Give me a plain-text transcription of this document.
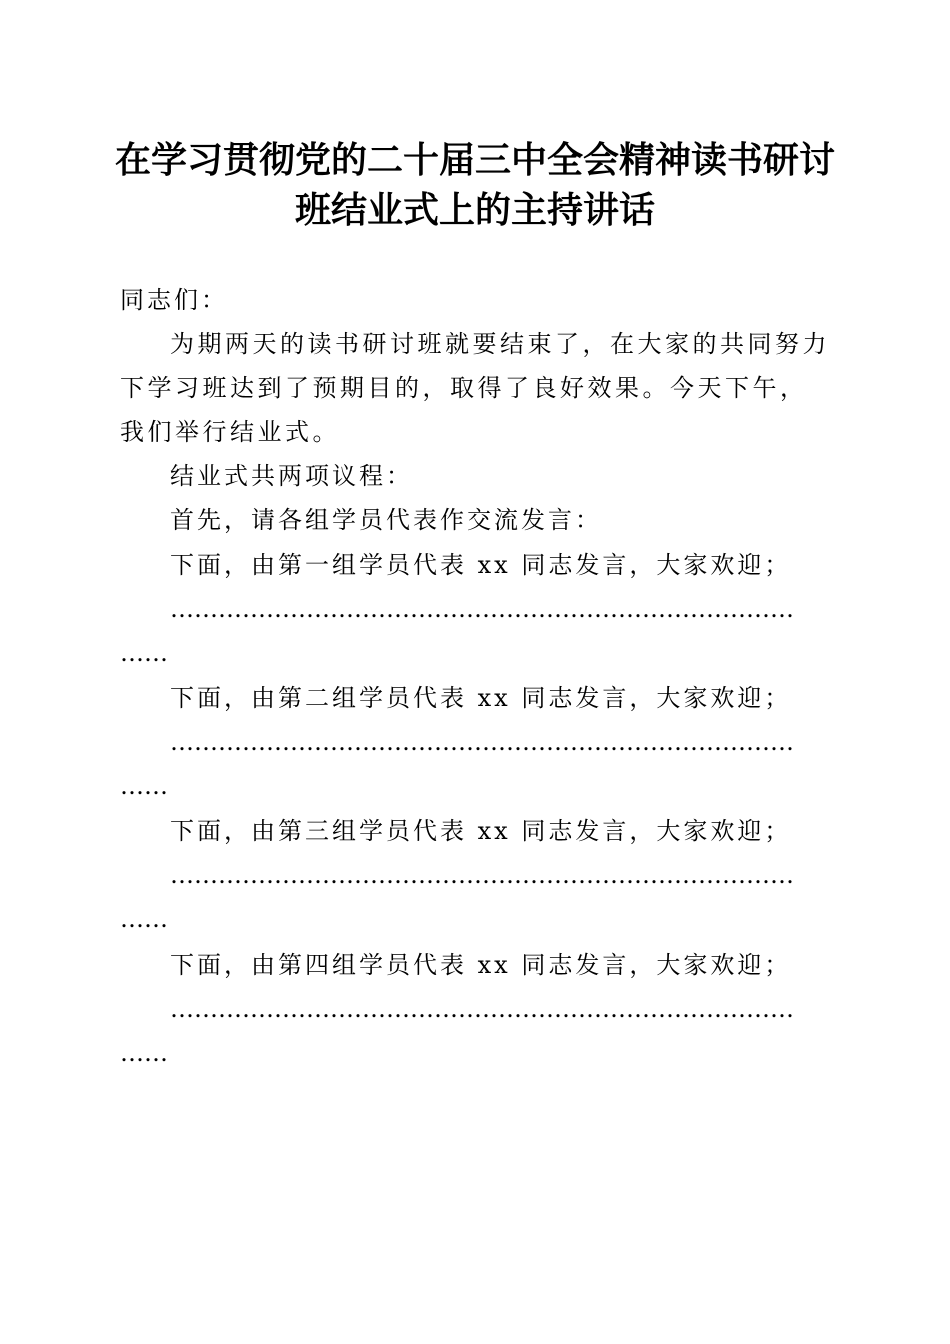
在学习贯彻党的二十届三中全会精神读书研讨
班结业式上的主持讲话
同志们：
为期两天的读书研讨班就要结束了，在大家的共同努力下学习班达到了预期目的，取得了良好效果。今天下午，我们举行结业式。
结业式共两项议程：
首先，请各组学员代表作交流发言：
下面，由第一组学员代表 xx 同志发言，大家欢迎；
……………………………………………………………………
……
下面，由第二组学员代表 xx 同志发言，大家欢迎；
……………………………………………………………………
……
下面，由第三组学员代表 xx 同志发言，大家欢迎；
……………………………………………………………………
……
下面，由第四组学员代表 xx 同志发言，大家欢迎；
……………………………………………………………………
……
